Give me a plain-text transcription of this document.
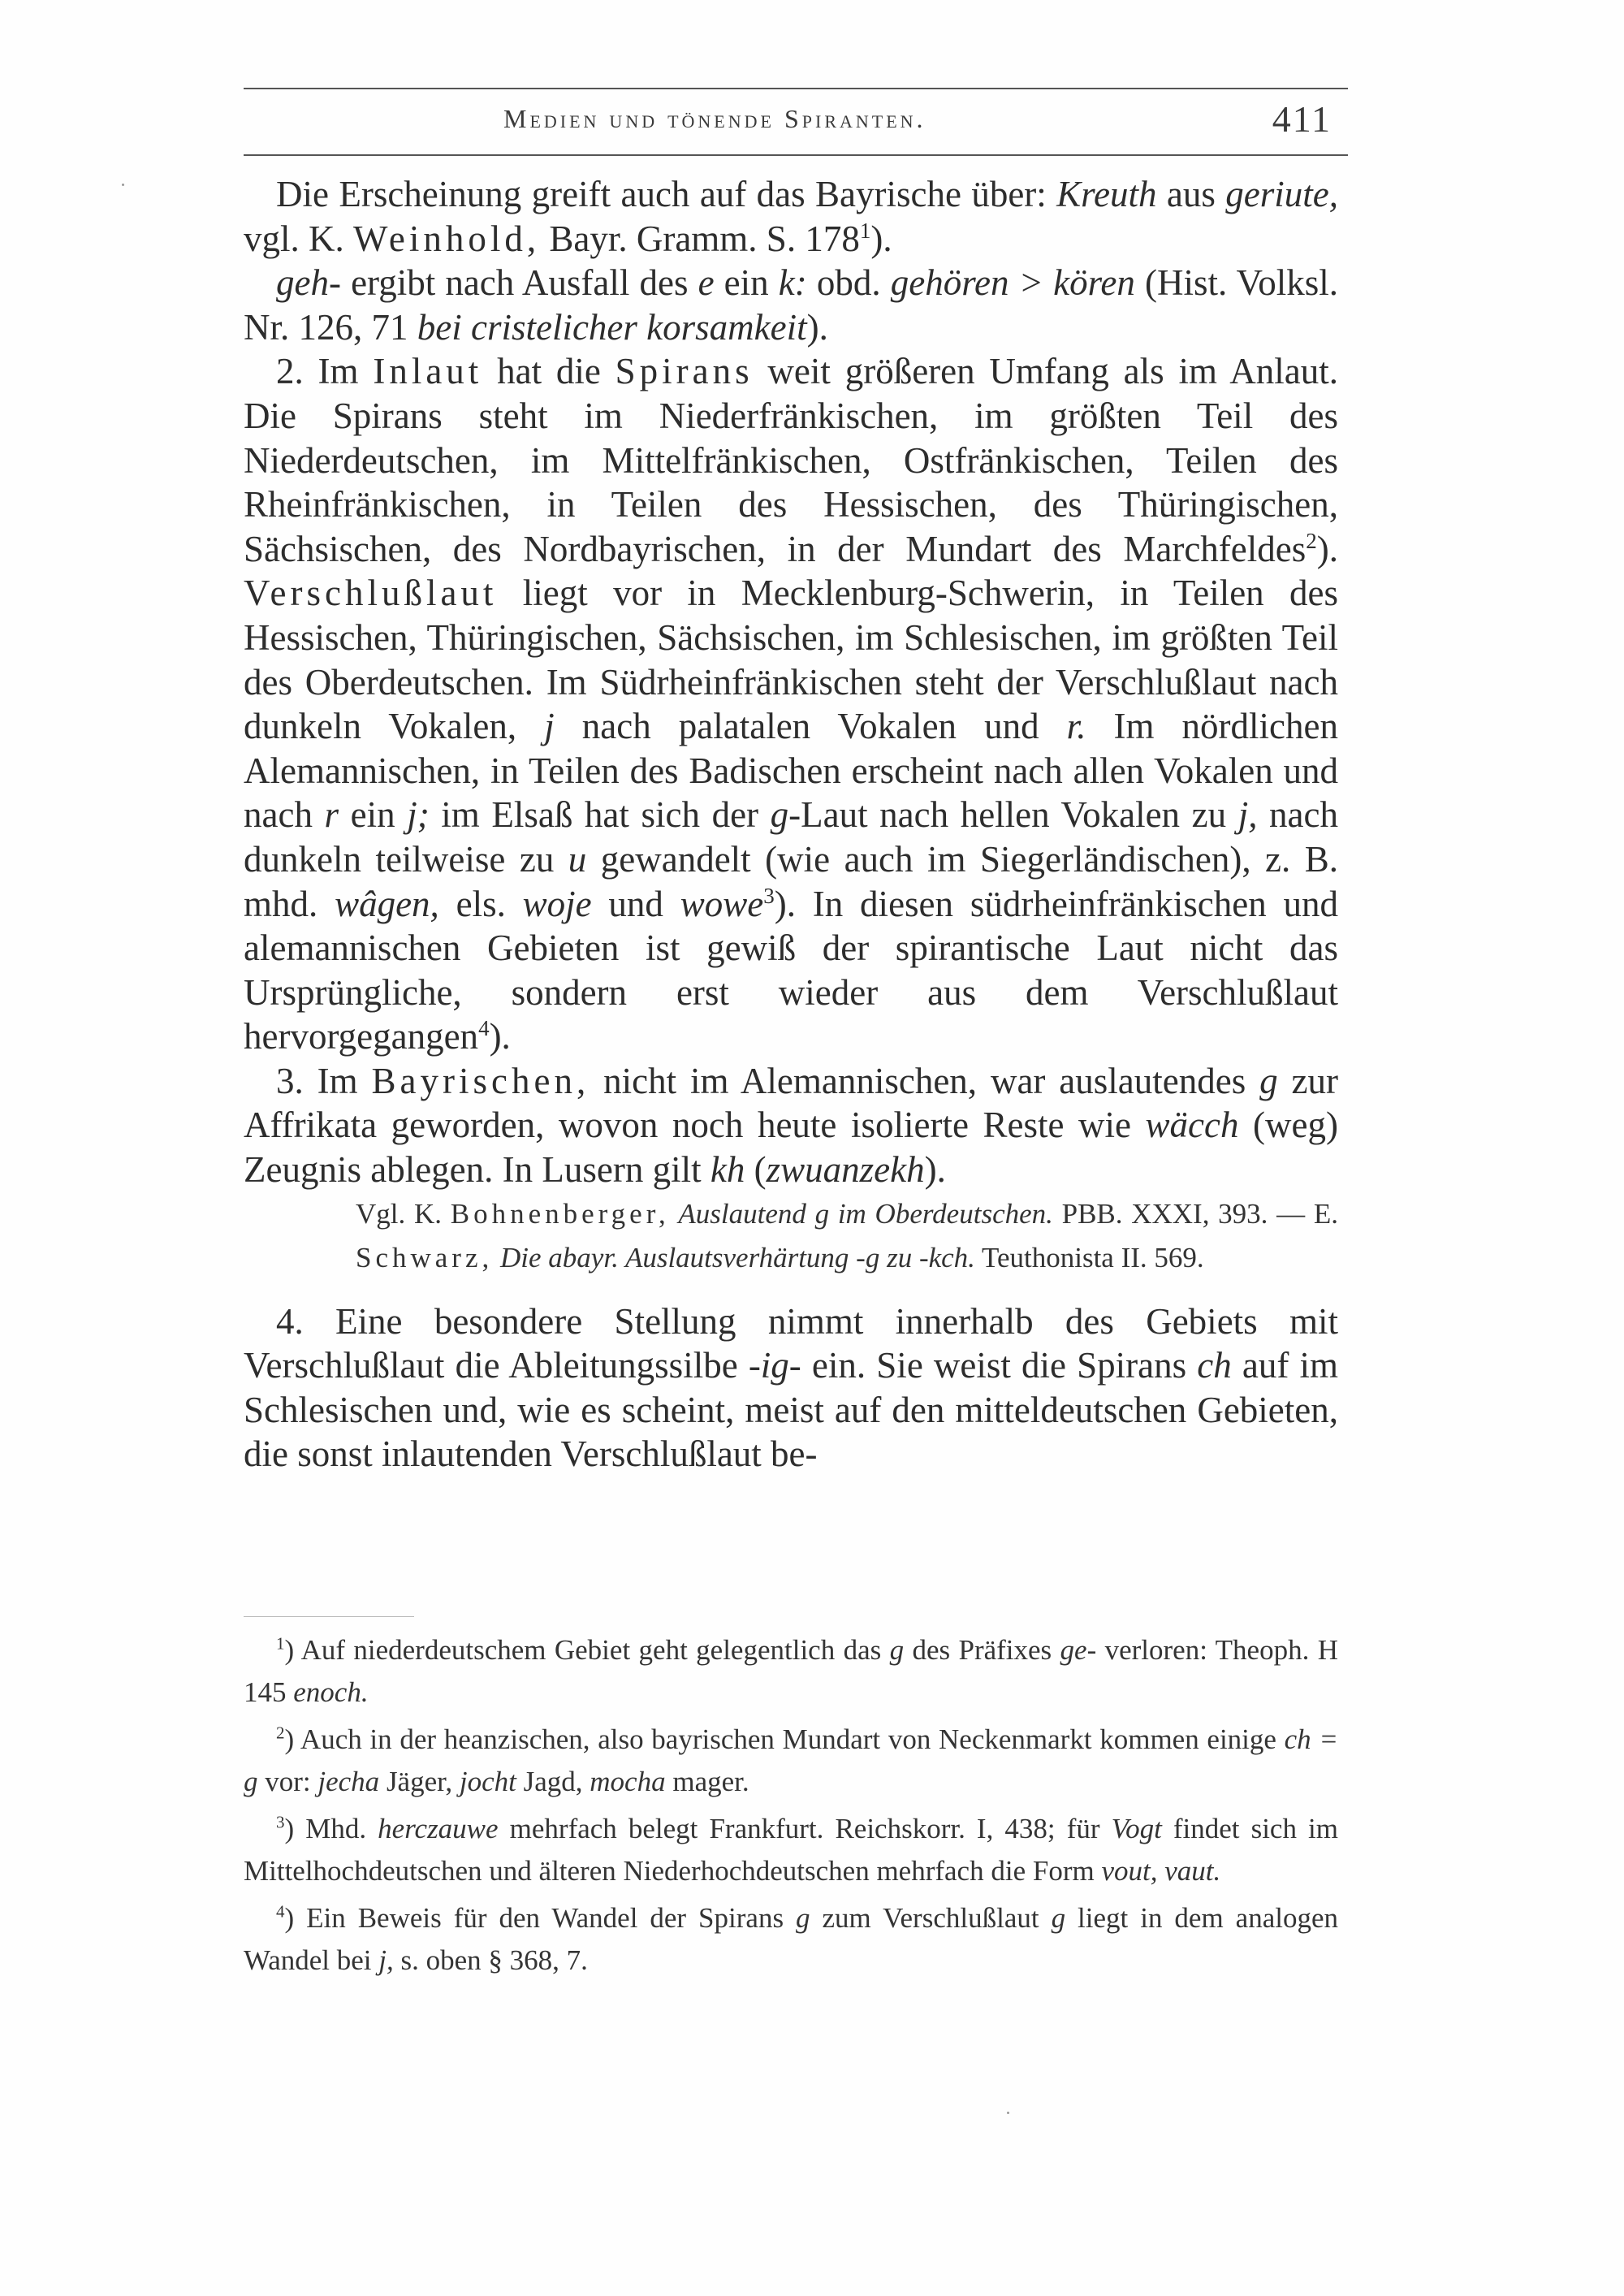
Medien und tönende Spiranten.	411

Die Erscheinung greift auch auf das Bayrische über: Kreuth aus geriute, vgl. K. Weinhold, Bayr. Gramm. S. $178^1$).

geh- ergibt nach Ausfall des e ein k: obd. gehören > kören (Hist. Volksl. Nr. 126, 71 bei cristelicher korsamkeit).

2. Im Inlaut hat die Spirans weit größeren Umfang als im Anlaut. Die Spirans steht im Niederfränkischen, im größten Teil des Niederdeutschen, im Mittelfränkischen, Ostfränkischen, Teilen des Rheinfränkischen, in Teilen des Hessischen, des Thüringischen, Sächsischen, des Nordbayrischen, in der Mundart des Marchfeldes$^2$). Verschlußlaut liegt vor in Mecklenburg-Schwerin, in Teilen des Hessischen, Thüringischen, Sächsischen, im Schlesischen, im größten Teil des Oberdeutschen. Im Südrheinfränkischen steht der Verschlußlaut nach dunkeln Vokalen, j nach palatalen Vokalen und r. Im nördlichen Alemannischen, in Teilen des Badischen erscheint nach allen Vokalen und nach r ein j; im Elsaß hat sich der g-Laut nach hellen Vokalen zu j, nach dunkeln teilweise zu u gewandelt (wie auch im Siegerländischen), z. B. mhd. wâgen, els. woje und wowe$^3$). In diesen südrheinfränkischen und alemannischen Gebieten ist gewiß der spirantische Laut nicht das Ursprüngliche, sondern erst wieder aus dem Verschlußlaut hervorgegangen$^4$).

3. Im Bayrischen, nicht im Alemannischen, war auslautendes g zur Affrikata geworden, wovon noch heute isolierte Reste wie wäcch (weg) Zeugnis ablegen. In Lusern gilt kh (zwuanzekh).

Vgl. K. Bohnenberger, Auslautend g im Oberdeutschen. PBB. XXXI, 393. — E. Schwarz, Die abayr. Auslautsverhärtung -g zu -kch. Teuthonista II. 569.

4. Eine besondere Stellung nimmt innerhalb des Gebiets mit Verschlußlaut die Ableitungssilbe -ig- ein. Sie weist die Spirans ch auf im Schlesischen und, wie es scheint, meist auf den mitteldeutschen Gebieten, die sonst inlautenden Verschlußlaut be-

$^1$) Auf niederdeutschem Gebiet geht gelegentlich das g des Präfixes ge- verloren: Theoph. H 145 enoch.

$^2$) Auch in der heanzischen, also bayrischen Mundart von Neckenmarkt kommen einige ch = g vor: jecha Jäger, jocht Jagd, mocha mager.

$^3$) Mhd. herczauwe mehrfach belegt Frankfurt. Reichskorr. I, 438; für Vogt findet sich im Mittelhochdeutschen und älteren Niederhochdeutschen mehrfach die Form vout, vaut.

$^4$) Ein Beweis für den Wandel der Spirans g zum Verschlußlaut g liegt in dem analogen Wandel bei j, s. oben § 368, 7.
